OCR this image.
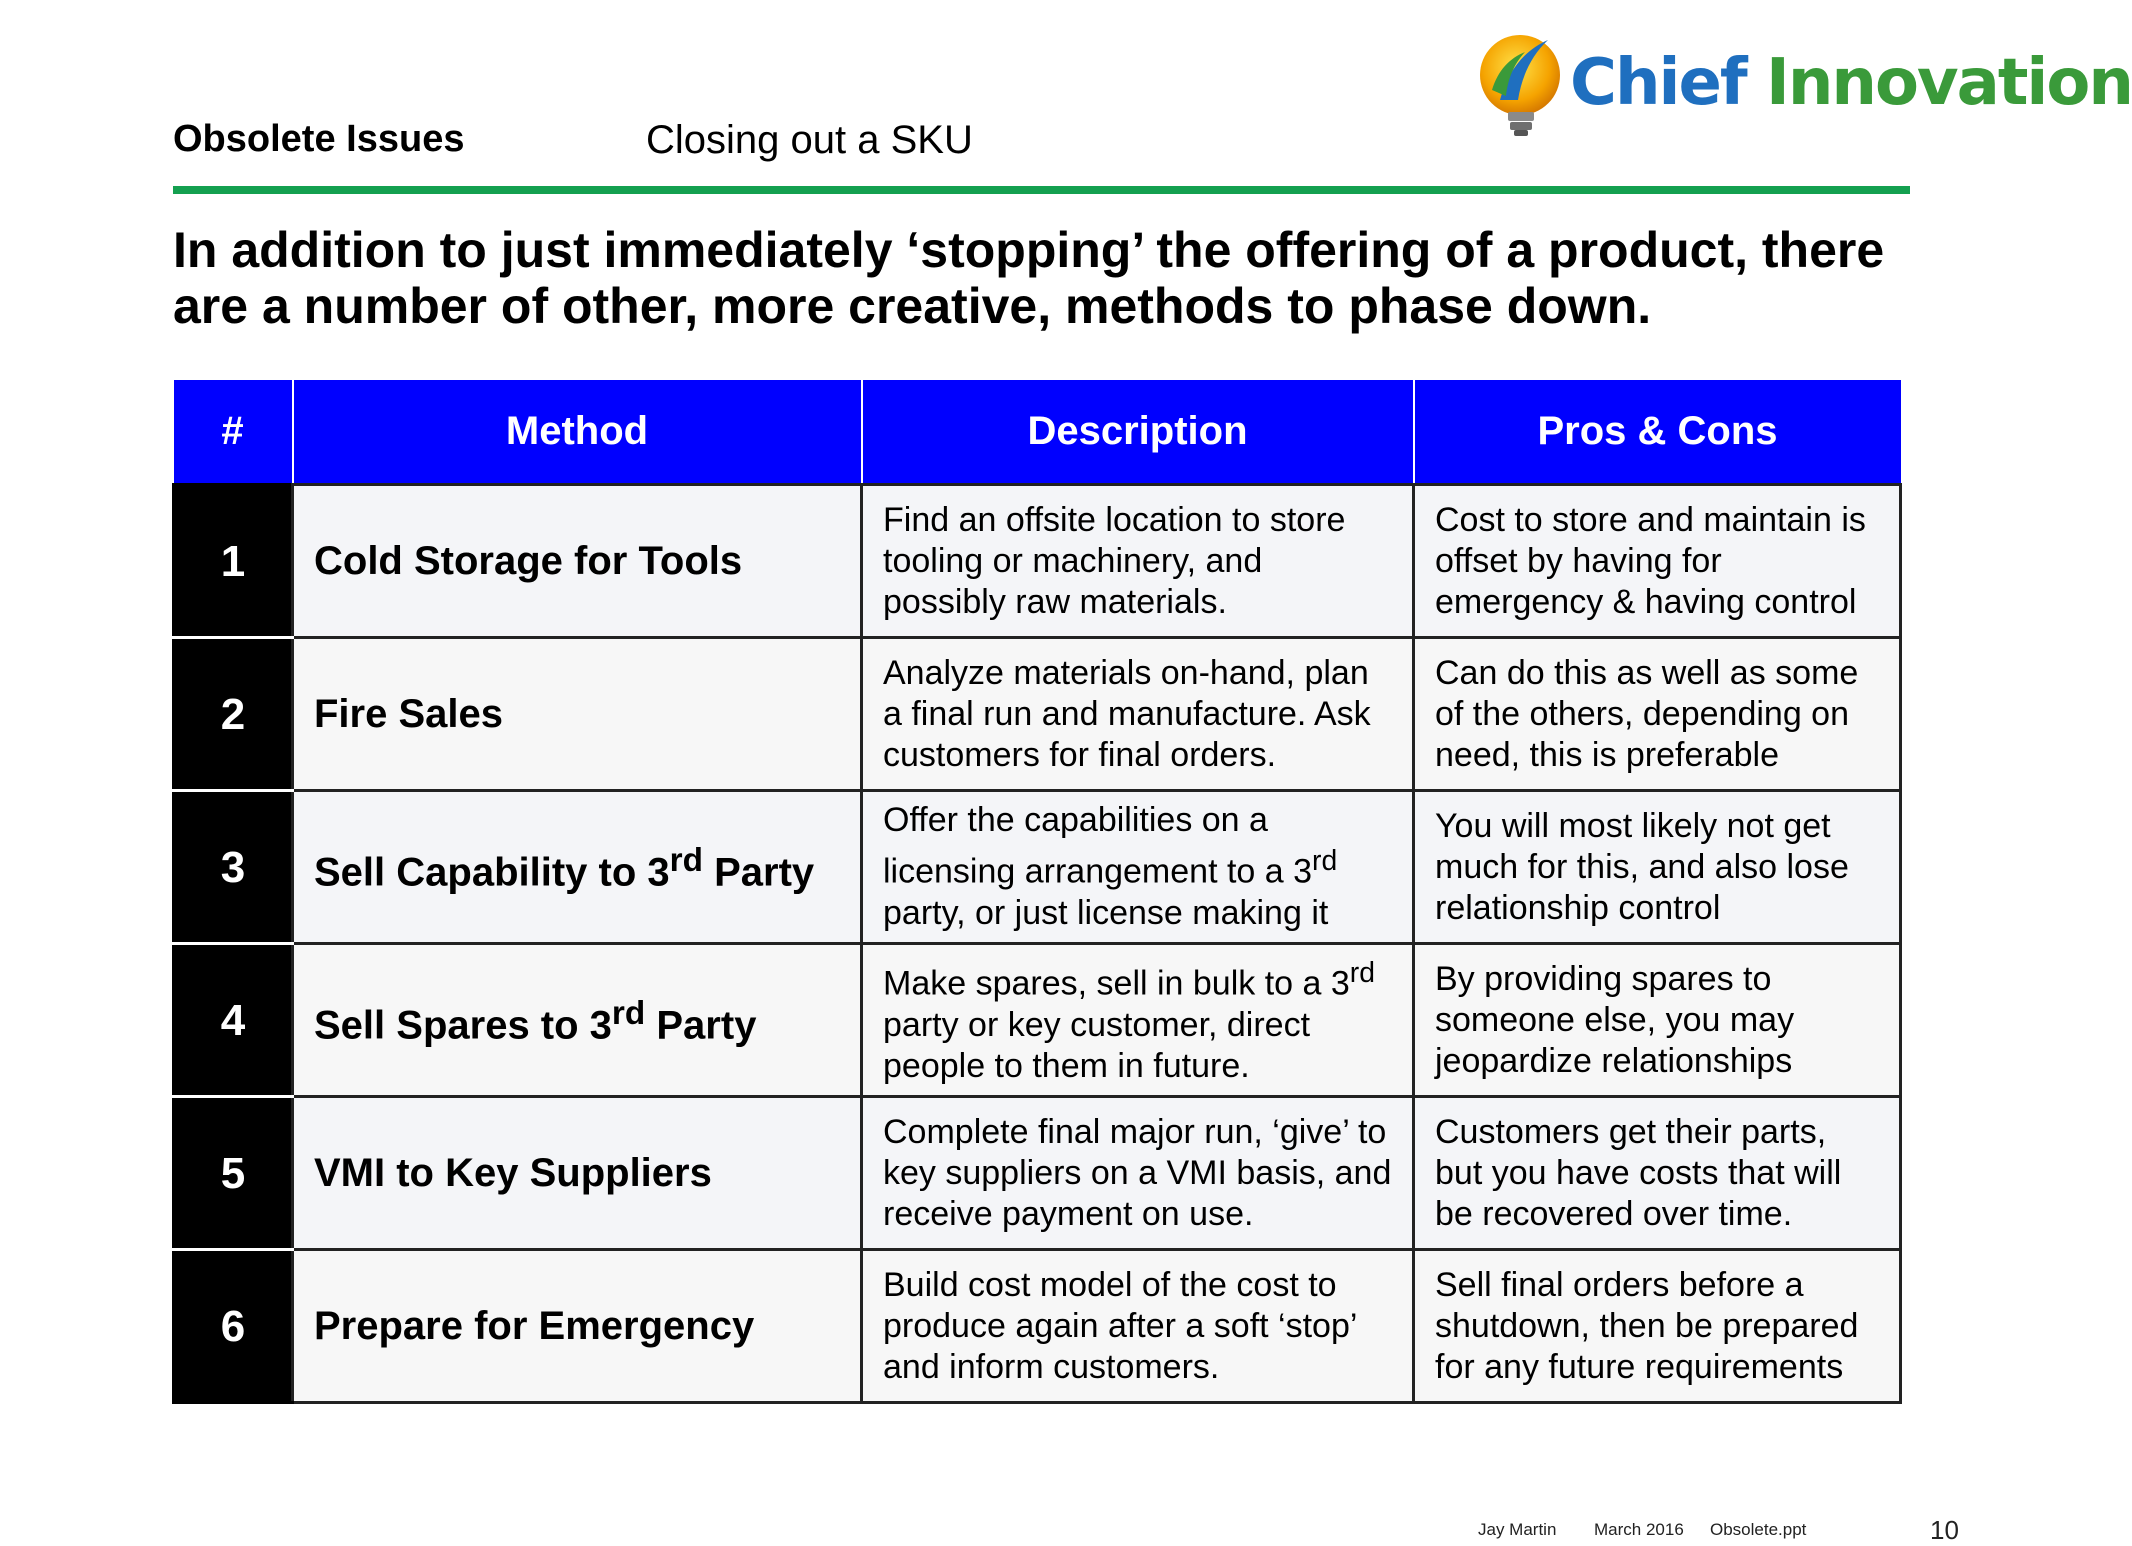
Chief Innovation
Obsolete Issues	Closing out a SKU
In addition to just immediately ‘stopping’ the offering of a product, there are a number of other, more creative, methods to phase down.
#	Method	Description	Pros & Cons
1	Cold Storage for Tools	Find an offsite location to store tooling or machinery, and possibly raw materials.	Cost to store and maintain is offset by having for emergency & having control
2	Fire Sales	Analyze materials on-hand, plan a final run and manufacture. Ask customers for final orders.	Can do this as well as some of the others, depending on need, this is preferable
3	Sell Capability to 3rd Party	Offer the capabilities on a licensing arrangement to a 3rd party, or just license making it	You will most likely not get much for this, and also lose relationship control
4	Sell Spares to 3rd Party	Make spares, sell in bulk to a 3rd party or key customer, direct people to them in future.	By providing spares to someone else, you may jeopardize relationships
5	VMI to Key Suppliers	Complete final major run, ‘give’ to key suppliers on a VMI basis, and receive payment on use.	Customers get their parts, but you have costs that will be recovered over time.
6	Prepare for Emergency	Build cost model of the cost to produce again after a soft ‘stop’ and inform customers.	Sell final orders before a shutdown, then be prepared for any future requirements
Jay Martin March 2016 Obsolete.ppt	10
